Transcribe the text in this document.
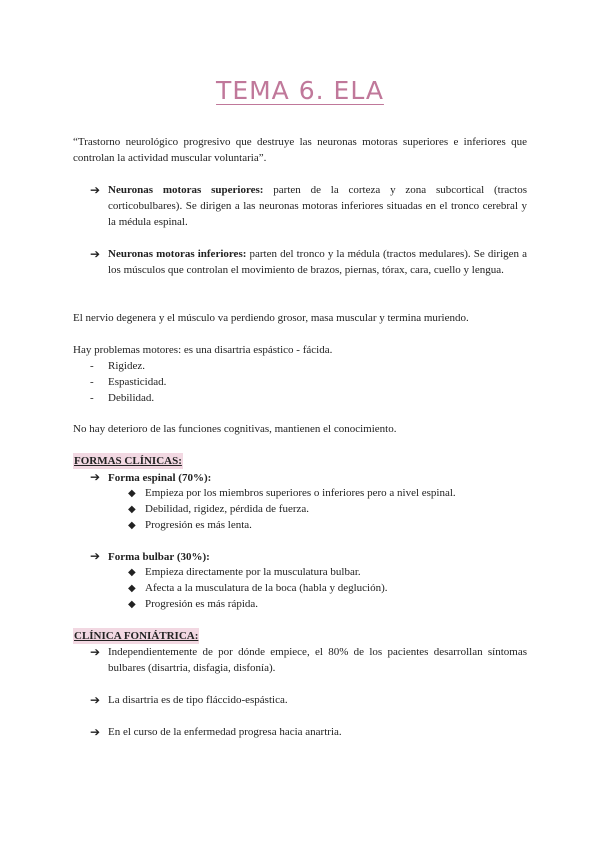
TEMA 6. ELA
“Trastorno neurológico progresivo que destruye las neuronas motoras superiores e inferiores que controlan la actividad muscular voluntaria”.
➔ Neuronas motoras superiores: parten de la corteza y zona subcortical (tractos corticobulbares). Se dirigen a las neuronas motoras inferiores situadas en el tronco cerebral y la médula espinal.
➔ Neuronas motoras inferiores: parten del tronco y la médula (tractos medulares). Se dirigen a los músculos que controlan el movimiento de brazos, piernas, tórax, cara, cuello y lengua.
El nervio degenera y el músculo va perdiendo grosor, masa muscular y termina muriendo.
Hay problemas motores: es una disartria espástico - fácida.
- Rigidez.
- Espasticidad.
- Debilidad.
No hay deterioro de las funciones cognitivas, mantienen el conocimiento.
FORMAS CLÍNICAS:
➔ Forma espinal (70%):
◆ Empieza por los miembros superiores o inferiores pero a nivel espinal.
◆ Debilidad, rigidez, pérdida de fuerza.
◆ Progresión es más lenta.
➔ Forma bulbar (30%):
◆ Empieza directamente por la musculatura bulbar.
◆ Afecta a la musculatura de la boca (habla y deglución).
◆ Progresión es más rápida.
CLÍNICA FONIÁTRICA:
➔ Independientemente de por dónde empiece, el 80% de los pacientes desarrollan síntomas bulbares (disartria, disfagia, disfonía).
➔ La disartria es de tipo fláccido-espástica.
➔ En el curso de la enfermedad progresa hacia anartria.
